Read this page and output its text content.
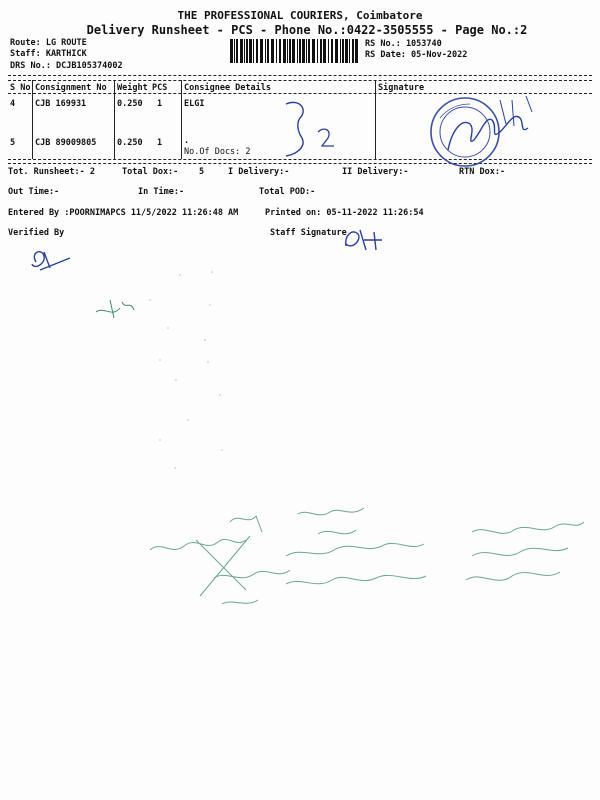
THE PROFESSIONAL COURIERS, Coimbatore
Delivery Runsheet - PCS - Phone No.:0422-3505555 - Page No.:2
Route: LG ROUTE
Staff: KARTHICK
DRS No.: DCJB105374002
RS No.: 1053740
RS Date: 05-Nov-2022
S No Consignment No Weight PCS Consignee Details	Signature
4 CJB 169931	0.250 1	ELGI
5 CJB 89009805 0.250 1	.
No.Of Docs: 2
Tot. Runsheet:- 2	Total Dox:- 5	I Delivery:-	II Delivery:-	RTN Dox:-
Out Time:-	In Time:-	Total POD:-
Entered By :POORNIMAPCS 11/5/2022 11:26:48 AM	Printed on: 05-11-2022 11:26:54
Verified By	Staff Signature
